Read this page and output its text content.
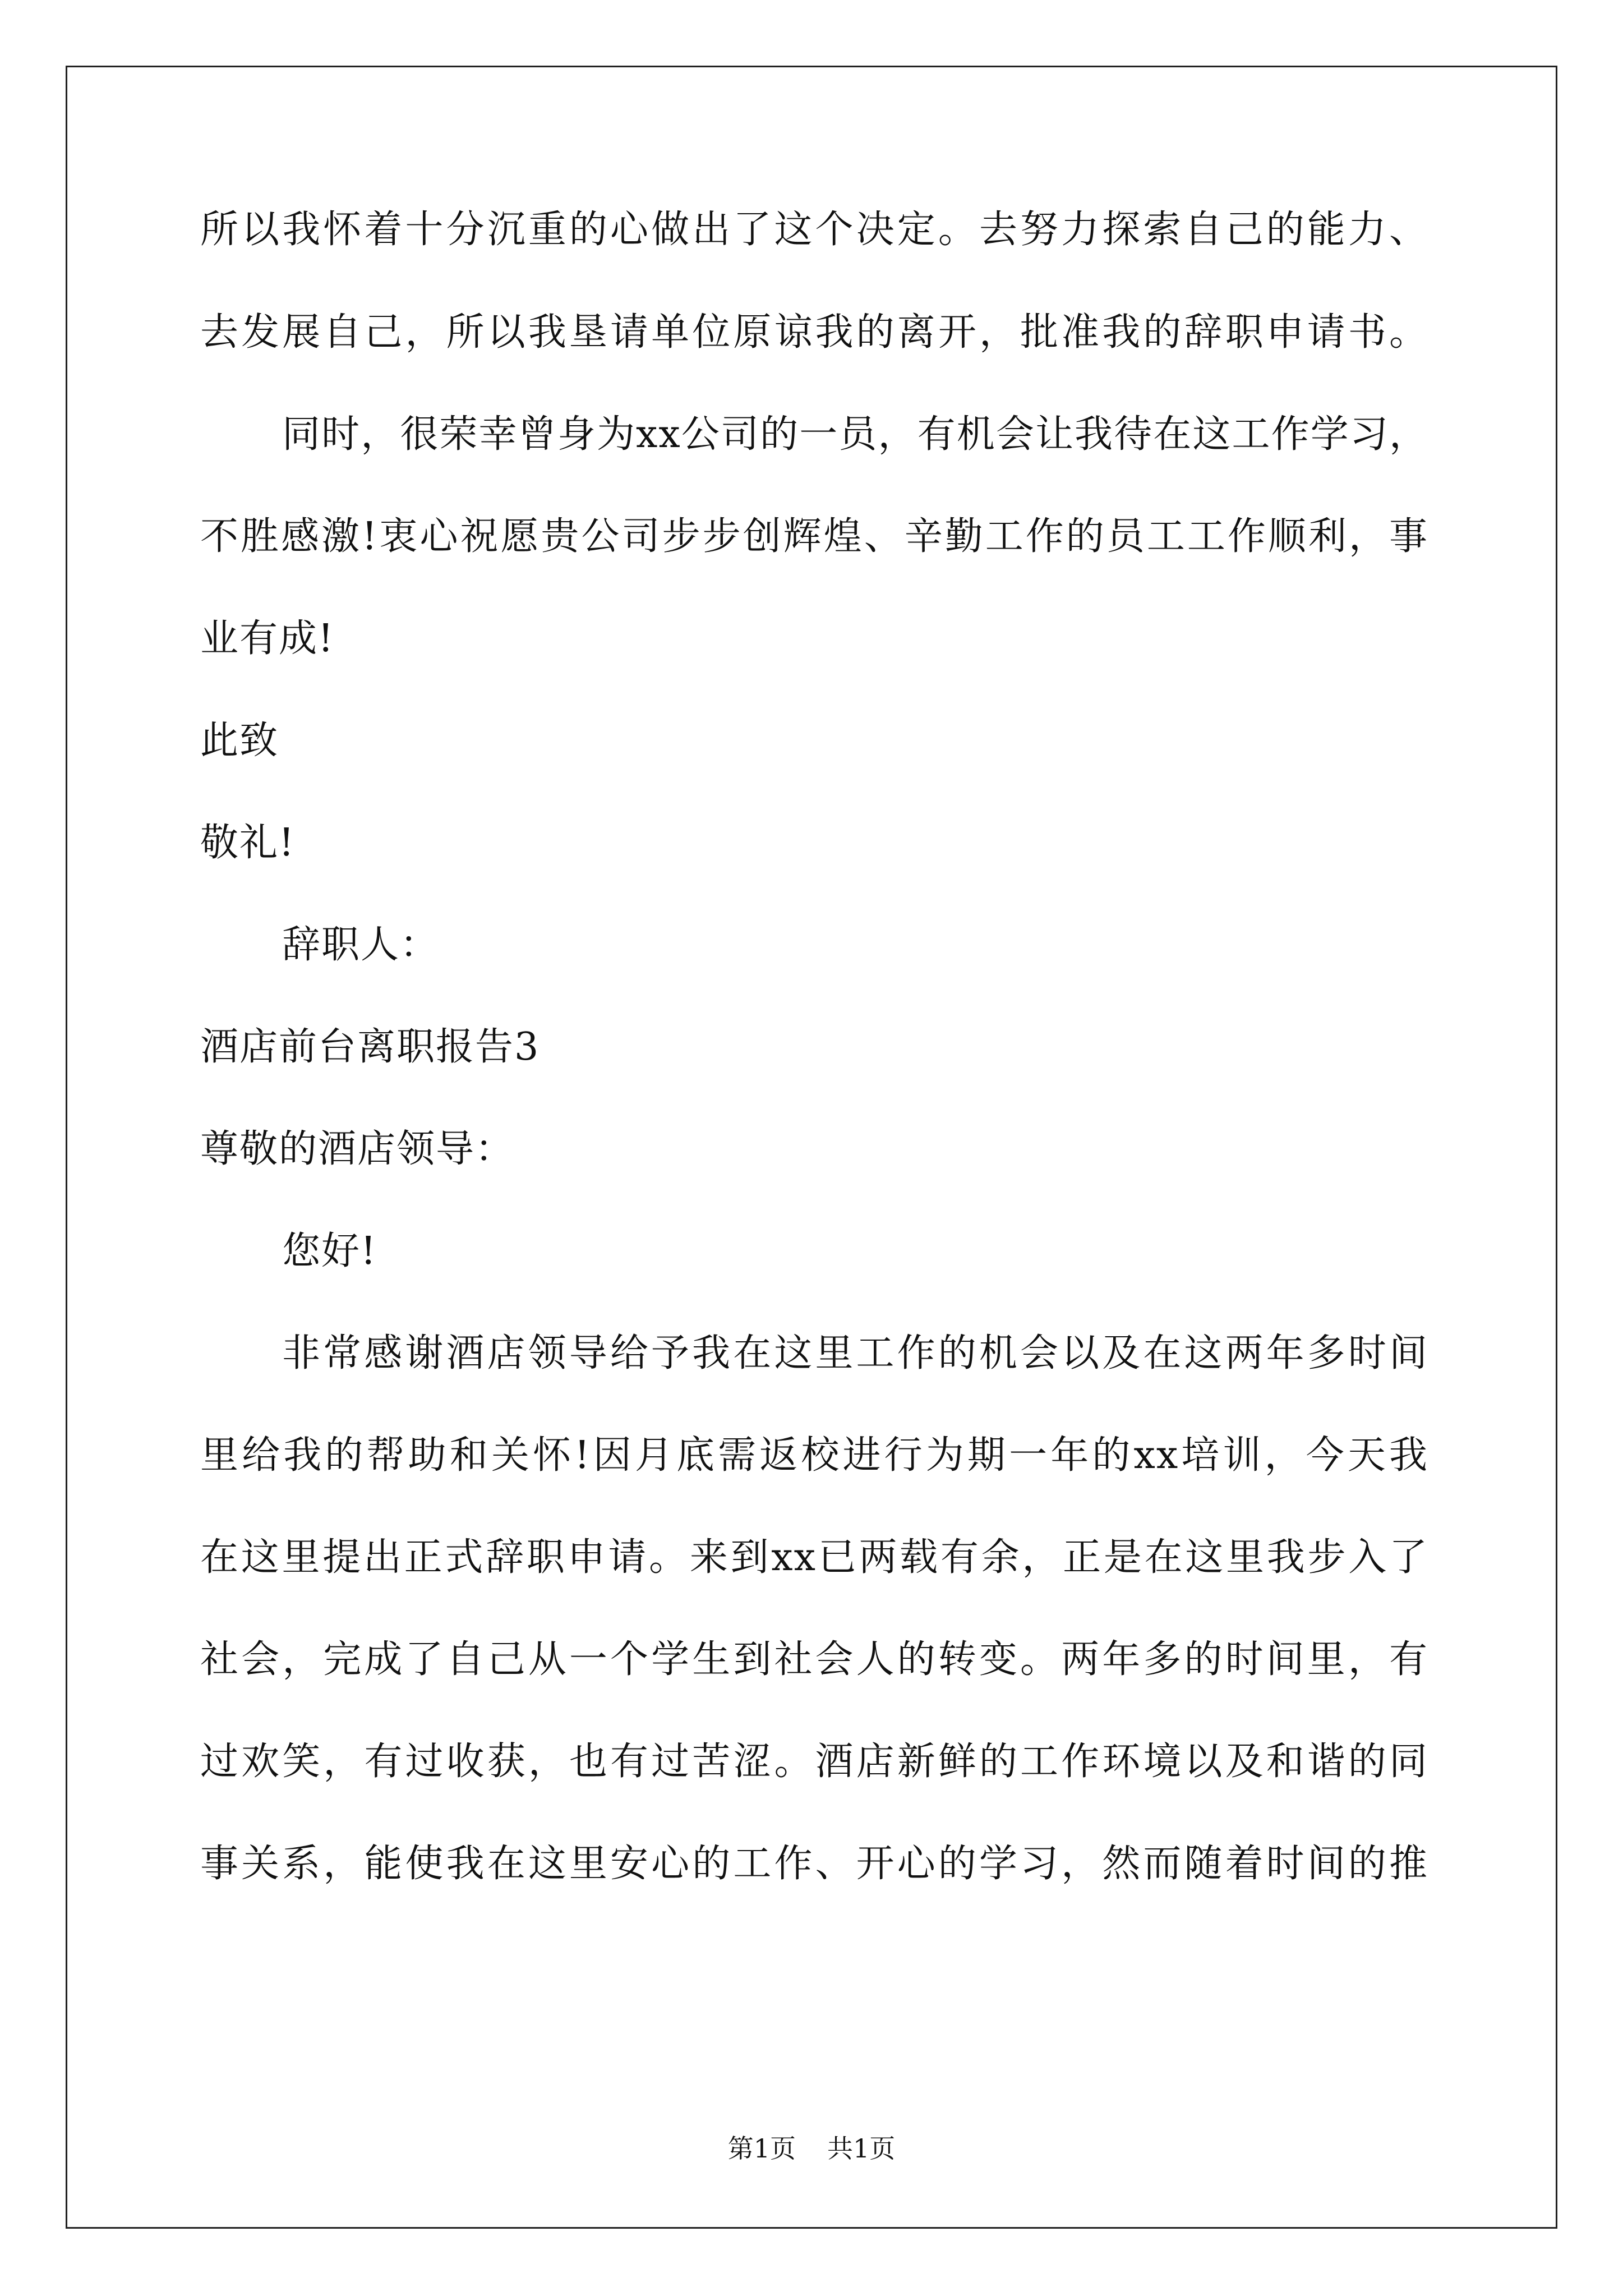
所以我怀着十分沉重的心做出了这个决定。去努力探索自己的能力、
去发展自己，所以我垦请单位原谅我的离开，批准我的辞职申请书。
同时，很荣幸曾身为xx公司的一员，有机会让我待在这工作学习，
不胜感激!衷心祝愿贵公司步步创辉煌、辛勤工作的员工工作顺利，事
业有成!
此致
敬礼!
辞职人：
酒店前台离职报告3
尊敬的酒店领导：
您好!
非常感谢酒店领导给予我在这里工作的机会以及在这两年多时间
里给我的帮助和关怀!因月底需返校进行为期一年的xx培训，今天我
在这里提出正式辞职申请。来到xx已两载有余，正是在这里我步入了
社会，完成了自己从一个学生到社会人的转变。两年多的时间里，有
过欢笑，有过收获，也有过苦涩。酒店新鲜的工作环境以及和谐的同
事关系，能使我在这里安心的工作、开心的学习，然而随着时间的推
第1页 共1页
